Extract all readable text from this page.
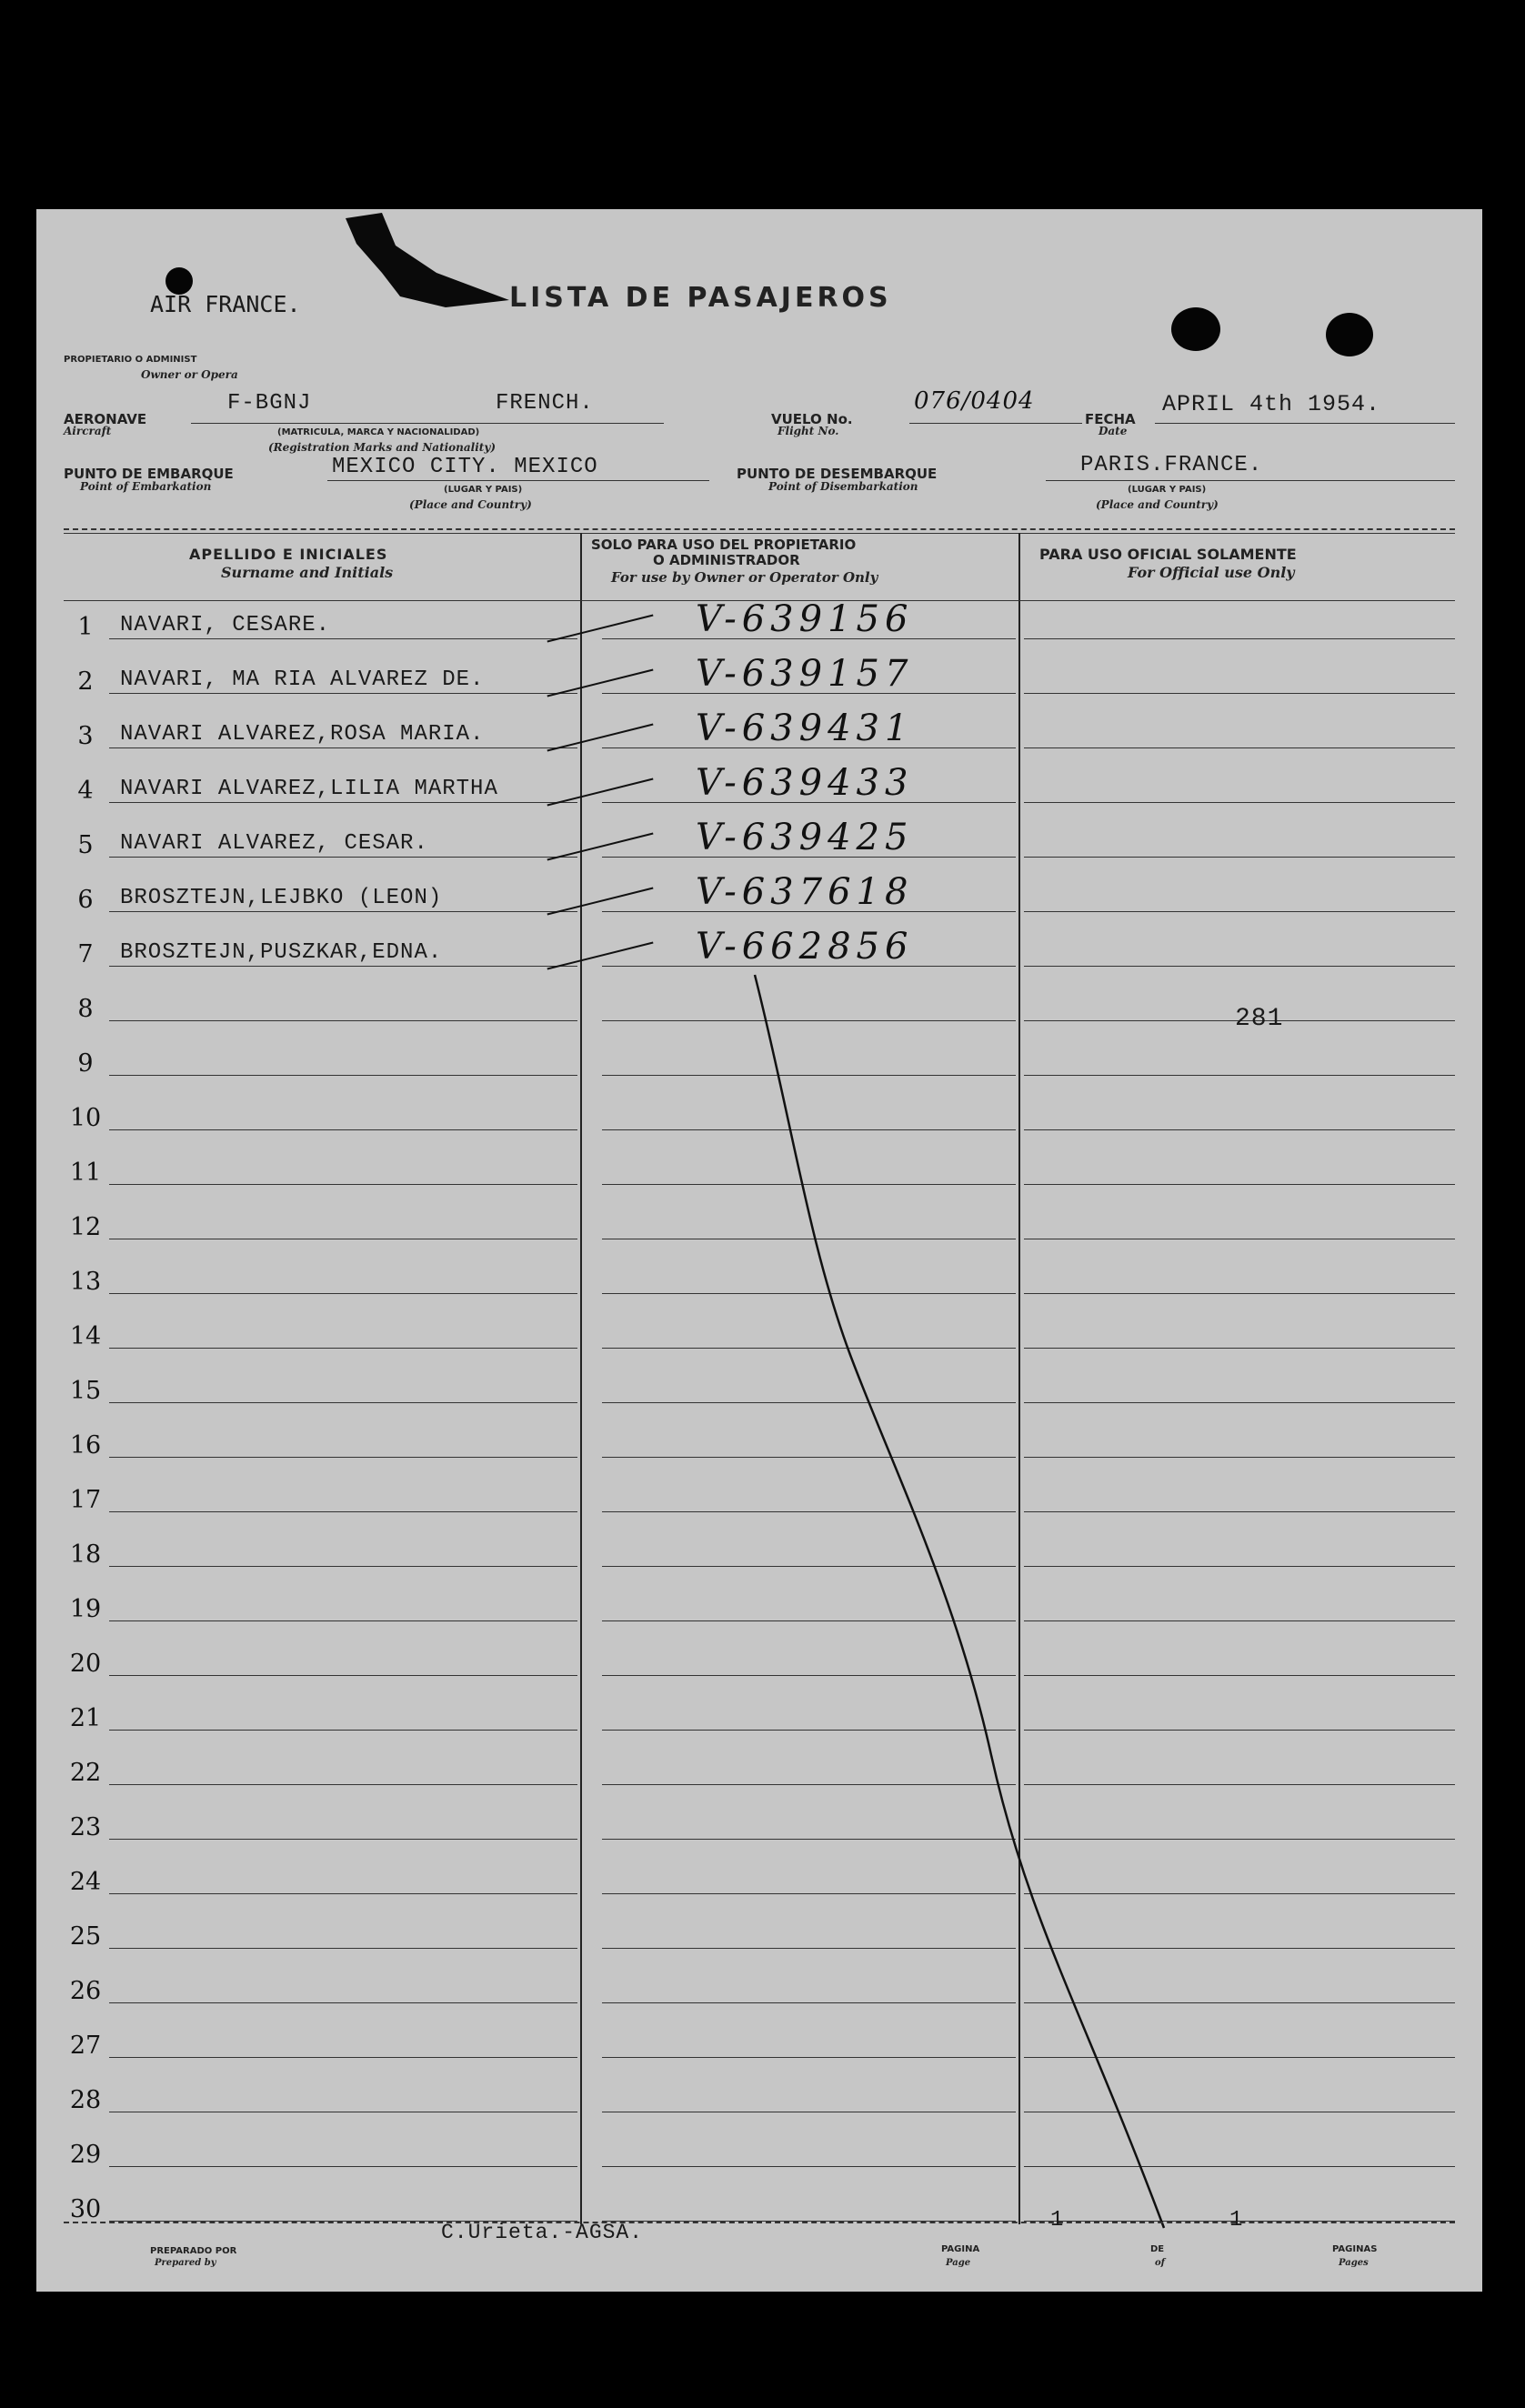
AIR FRANCE.	LISTA DE PASAJEROS
PROPIETARIO O ADMINIST
Owner or Opera
AERONAVE
Aircraft
F-BGNJ	FRENCH.
(MATRICULA, MARCA Y NACIONALIDAD)
(Registration Marks and Nationality)
VUELO No.
Flight No.
076/0404
FECHA
Date
APRIL 4th 1954.
PUNTO DE EMBARQUE
Point of Embarkation
MEXICO CITY. MEXICO
(LUGAR Y PAIS)
(Place and Country)
PUNTO DE DESEMBARQUE
Point of Disembarkation
PARIS.FRANCE.
(LUGAR Y PAIS)
(Place and Country)
APELLIDO E INICIALES
Surname and Initials
SOLO PARA USO DEL PROPIETARIO
O ADMINISTRADOR
For use by Owner or Operator Only
PARA USO OFICIAL SOLAMENTE
For Official use Only
1	NAVARI, CESARE.	V-639156
2	NAVARI, MA RIA ALVAREZ DE.	V-639157
3	NAVARI ALVAREZ,ROSA MARIA.	V-639431
4	NAVARI ALVAREZ,LILIA MARTHA	V-639433
5	NAVARI ALVAREZ, CESAR.	V-639425
6	BROSZTEJN,LEJBKO (LEON)	V-637618
7	BROSZTEJN,PUSZKAR,EDNA.	V-662856
8
9
10
11
12
13
14
15
16
17
18
19
20
21
22
23
24
25
26
27
28
29
30
281
C.Urieta.-AGSA.
PREPARADO POR
Prepared by
1
PAGINA
Page
DE
of
1
PAGINAS
Pages
